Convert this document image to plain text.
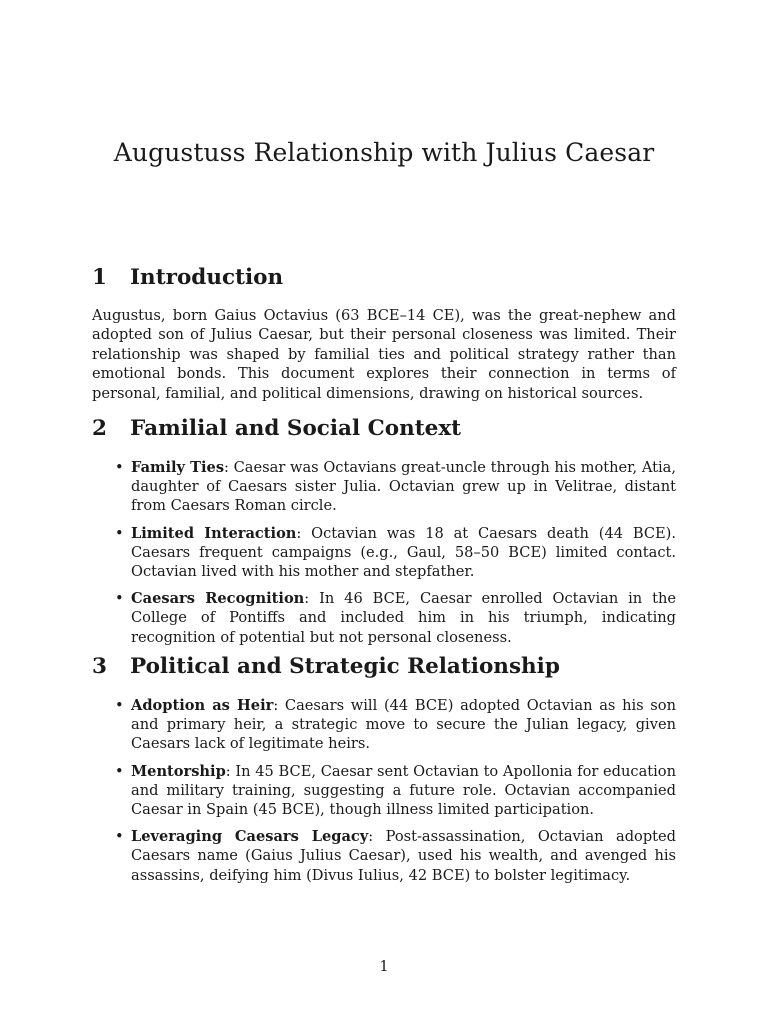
Augustuss Relationship with Julius Caesar
1 Introduction

Augustus, born Gaius Octavius (63 BCE–14 CE), was the great-nephew and adopted son of Julius Caesar, but their personal closeness was limited. Their relationship was shaped by familial ties and political strategy rather than emotional bonds. This document explores their connection in terms of personal, familial, and political dimensions, drawing on historical sources.

2 Familial and Social Context
• Family Ties: Caesar was Octavians great-uncle through his mother, Atia, daughter of Caesars sister Julia. Octavian grew up in Velitrae, distant from Caesars Roman circle.
• Limited Interaction: Octavian was 18 at Caesars death (44 BCE). Caesars frequent campaigns (e.g., Gaul, 58–50 BCE) limited contact. Octavian lived with his mother and stepfather.
• Caesars Recognition: In 46 BCE, Caesar enrolled Octavian in the College of Pontiffs and included him in his triumph, indicating recognition of potential but not personal closeness.
3 Political and Strategic Relationship
• Adoption as Heir: Caesars will (44 BCE) adopted Octavian as his son and primary heir, a strategic move to secure the Julian legacy, given Caesars lack of legitimate heirs.
• Mentorship: In 45 BCE, Caesar sent Octavian to Apollonia for education and military training, suggesting a future role. Octavian accompanied Caesar in Spain (45 BCE), though illness limited participation.
• Leveraging Caesars Legacy: Post-assassination, Octavian adopted Caesars name (Gaius Julius Caesar), used his wealth, and avenged his assassins, deifying him (Divus Iulius, 42 BCE) to bolster legitimacy.
1
